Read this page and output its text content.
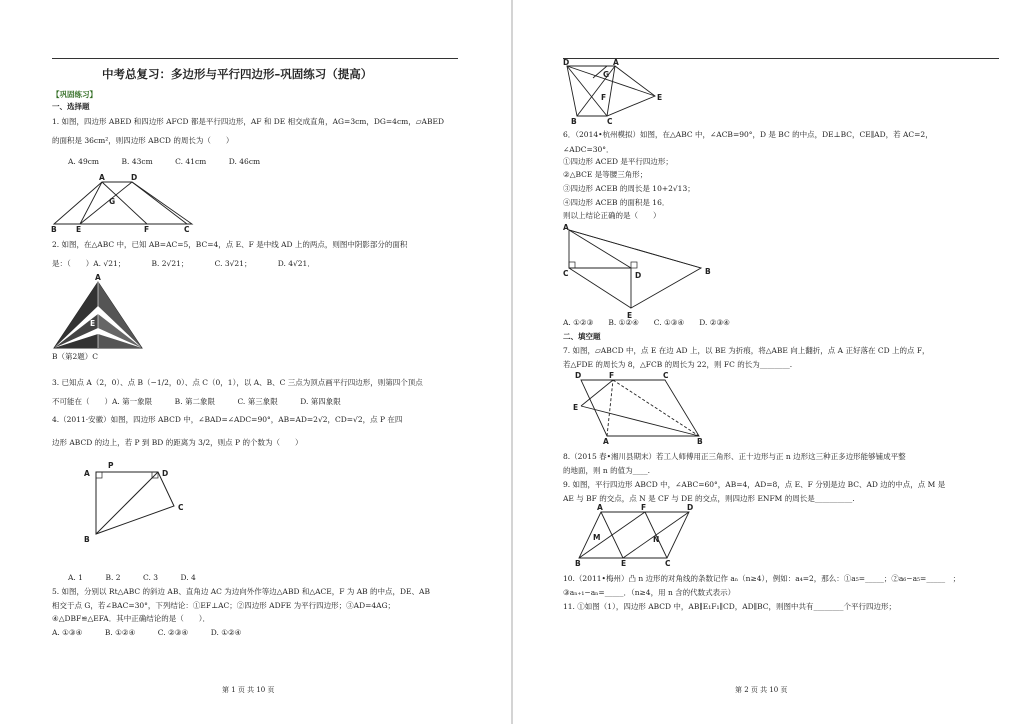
中考总复习：多边形与平行四边形–巩固练习（提高）
【巩固练习】
一、选择题
1. 如图，四边形 ABED 和四边形 AFCD 都是平行四边形，AF 和 DE 相交成直角，AG=3cm，DG=4cm，▱ABED
的面积是 36cm²，则四边形 ABCD 的周长为（　　）
A. 49cm　　　B. 43cm　　　C. 41cm　　　D. 46cm
A	D
G
B	E	F	C
2. 如图，在△ABC 中，已知 AB=AC=5，BC=4，点 E、F 是中线 AD 上的两点，则图中阴影部分的面积
是：（　　）A. √21；　　　　B. 2√21；　　　　C. 3√21；　　　　D. 4√21．
A
E
B（第2题）C
3. 已知点 A（2，0）、点 B（−1/2，0）、点 C（0，1），以 A、B、C 三点为顶点画平行四边形，则第四个顶点
不可能在（　　）A. 第一象限　　　B. 第二象限　　　C. 第三象限　　　D. 第四象限
4.（2011·安徽）如图，四边形 ABCD 中，∠BAD=∠ADC=90°，AB=AD=2√2，CD=√2，点 P 在四
边形 ABCD 的边上，若 P 到 BD 的距离为 3/2，则点 P 的个数为（　　）
A
P
D
C
B
A. 1　　　B. 2　　　C. 3　　　D. 4
5. 如图，分别以 Rt△ABC 的斜边 AB、直角边 AC 为边向外作等边△ABD 和△ACE，F 为 AB 的中点，DE、AB
相交于点 G，若∠BAC=30°，下列结论：①EF⊥AC；②四边形 ADFE 为平行四边形；③AD=4AG；
④△DBF≌△EFA．其中正确结论的是（　　）．
A. ①③④　　　B. ①②④　　　C. ②③④　　　D. ①②④
第 1 页 共 10 页
D	A
G
F	E
B	C
6．（2014•杭州模拟）如图，在△ABC 中，∠ACB=90°，D 是 BC 的中点，DE⊥BC，CE∥AD，若 AC=2，
∠ADC=30°．
①四边形 ACED 是平行四边形；
②△BCE 是等腰三角形；
③四边形 ACEB 的周长是 10+2√13；
④四边形 ACEB 的面积是 16．
则以上结论正确的是（　　）
A
C	D	B
E
A. ①②③　　B. ①②④　　C. ①③④　　D. ②③④
二、填空题
7. 如图，▱ABCD 中，点 E 在边 AD 上，以 BE 为折痕，将△ABE 向上翻折，点 A 正好落在 CD 上的点 F，
若△FDE 的周长为 8，△FCB 的周长为 22，则 FC 的长为________.
D	F	C
E
A	B
8.（2015 春•湘川县期末）若工人师傅用正三角形、正十边形与正 n 边形这三种正多边形能够铺成平整
的地面，则 n 的值为____.
9. 如图，平行四边形 ABCD 中，∠ABC=60°，AB=4，AD=8，点 E、F 分别是边 BC、AD 边的中点，点 M 是
AE 与 BF 的交点，点 N 是 CF 与 DE 的交点，则四边形 ENFM 的周长是__________.
A	F	D
M	N
B	E	C
10.（2011•梅州）凸 n 边形的对角线的条数记作 aₙ（n≥4），例如：a₄=2，那么：①a₅=_____；②a₆−a₅=_____　；
③aₙ₊₁−aₙ=_____．（n≥4，用 n 含的代数式表示）
11. ①如图（1），四边形 ABCD 中，AB∥E₁F₁∥CD，AD∥BC，则图中共有________个平行四边形；
第 2 页 共 10 页
